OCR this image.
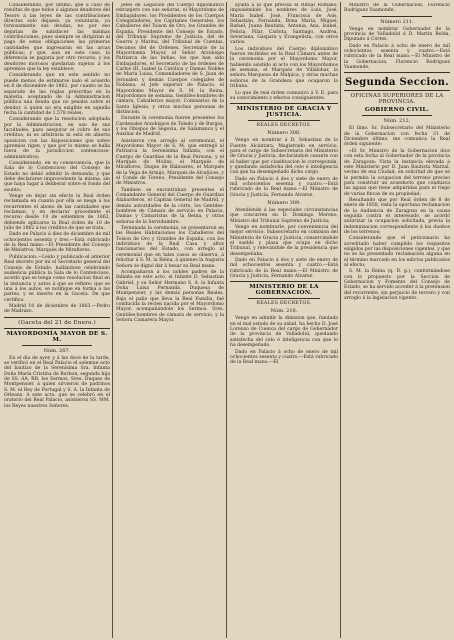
Considerando, por último, que á caso de resultas de que todos ó algunos deudores del Tesoro á las leyes de las contribuciones directas solo dejasen, ya voluntaria, ya forzosamente sus deudas, no por eso dejarian de satisfacer las mismas contribuciones, pues siempre se dirigirian al pago de estas obligaciones las primeras cantidades que ingresaran en las arcas públicas; y que, aun en este caso, la diferencia se pagaria por otro recurso, y los deudores morosos quedarian sujetos á los apremios que la ley establece;

Considerando que en este sentido no puede menos de estimarse nulo el acuerdo en 8 de diciembre de 1862, por cuanto se ha separado de las reglas prescritas en la materia, aceptando de la Administracion pública una deuda que no pesaba sobre el deudor, á quien no era exigible en aquella fecha la cantidad de 1.578 reales;

Considerando que la resolucion adoptada por la Administracion, en uso de sus facultades, para asegurar el cobro de sus créditos, ni es arbitraria ni está en abierta oposicion con las disposiciones que sobre apremios rigen, y que por lo mismo se halla fuera de la jurisdiccion contencioso-administrativa;

Considerando, en su consecuencia, que la Sala de lo Contencioso del Consejo de Estado no debió admitir la demanda, y que debe declararse improcedente la misma, sin que haya lugar á deliberar sobre el fondo del asunto;

Vengo en dejar sin efecto la Real órden reclamada en cuanto por ella se niega á los recurrentes el abono de las cantidades que reclaman, y en declarar procedente el recurso desde 10 de setiembre de 1862, debiendo aplicarse la Real órden de 10 de julio de 1862 á los créditos de que se trata.

Dado en Palacio á diez de diciembre de mil ochocientos sesenta y tres.—Está rubricado de la Real mano.—El Presidente del Consejo de Ministros, Marqués de Miraflores.

Publicacion.—Leido y publicado el anterior Real decreto por mí el Secretario general del Consejo de Estado, hallándose celebrando audiencia pública la Sala de lo Contencioso, acordó que se tenga como resolucion final en la instancia y autos á que se refiere; que se una á los autos, se notifique en forma á las partes, y se inserte en la Gaceta. De que certifico.

Madrid 10 de diciembre de 1863.—Pedro de Madrazo.

(Gaceta del 21 de Enero.)
MAYORDOMÍA MAYOR DE S. M.
Núm. 207.

En el dia de ayer, y á las doce de la tarde, se verificó en el Real Palacio el solemne acto del bautizo de la Serenísima Sra. Infanta Doña María Cristina de Borbon, segunda hija de SS. AA. RR. los Sermos. Sres. Duques de Montpensier, á quien sirvieron de padrinos S. M. el Rey de Portugal y S. A. la Infanta de Orleans. A este acto, que se celebró en el oratorio del Real Palacio, asistieron SS. MM. los Reyes nuestros Señores.

Jefes de Legacion del Cuerpo diplomático extranjero con sus señoras, el Mayordomo de Embajadores, los Presidentes de los Cuerpos Colegisladores, los Capitanes Generales, los Caballeros del Toison de Oro, los Grandes de España, Presidente del Consejo de Estado, del Tribunal Supremo de Justicia, del de Guerra y Marina, del Tribunal de Cuentas, Decanos del de Ordenes, Secretario de la Mayordomía Mayor, el Señor Arzobispo Patriarca de las Indias, los que han sido Embajadores, el Secretario de las órdenes de Carlos III, Isabel la Católica y Damas Nobles de María Luisa, Comendadores de S. Juan de Jerusalen y demás Cuerpos colegiales de Nobleza, el Jefe superior de Palacio, el Mayordomo Mayor de S. M. la Reina, Mayordomos de semana, Gentiles-hombres de cámara, Caballerizo mayor, Comisarios de la Santa Iglesia, y otras muchas personas de distincion.

Durante la ceremonia fueron presentes los Cardenales Arzobispos de Toledo y de Burgos, y los Obispos de Segovia, de Salamanca y el Auxiliar de Madrid.

Asistieron con arreglo al ceremonial, el Mayordomo Mayor de S. M. que entregó al Patriarca la Serenísima Infanta, con el Cuerpo de Guardias de la Real Persona, y el Marqués de Molins, el Marqués de Miraflores, Duque de Riánsares, el Marqués de la Vega de Armijo, Marqués de Alcañices, y el Conde de Toreno, Presidente del Consejo de Ministros.

Tambien se encontraban presentes el Comandante General del Cuerpo de Guardias Alabarderos, el Capitan General de Madrid, y demás autoridades de la córte, los Gentiles-hombres de Cámara de servicio en Palacio, Damas y Camaristas de la Reina, y otras señoras de la Servidumbre.

Terminada la ceremonia, se presentaron en las Reales Habitaciones los Caballeros del Toison de Oro y Grandes de España, con los individuos de la Real Casa y altos funcionarios del Estado, con arreglo al ceremonial que en tales casos se observa, á felicitar á S. M. la Reina, á quienes la Augusta Señora se dignó dar á besar su Real mano.

Acompañaron á los nobles padres de la Infanta en este acto, el Infante D. Sebastian Gabriel, y su Señor Hermano S. A. la Infanta Doña Luisa Fernanda, Duquesa de Montpensier, y las demás personas Reales. Bajo el palio que lleva la Real Familia, fué conducida la recien nacida por el Mayordomo Mayor, acompañándole los Sermos. Sres. Gentiles-hombres de cámara de servicio, y la Señora Camarera Mayor.

ayuda á la que precisa el Ritual Romano, impusiéndole los nombres de Luis, José, María Isabel, José, Francisca de Asís, Sebastián, Fernanda, Bona María, Miguel, Rafael, Juana Bautista, Antonia, Ana, Isabel, Felicia, Pilar, Carlota, Santiago, Andrea, Severiana, Gaspara y Evangelista, con otros varios.

Los individuos del Cuerpo diplomático fueron recibidos en la Real Cámara antes de la ceremonia por el Mayordomo Mayor, habiendo asistido al acto con los Mayordomos de semana, el Marqués de Villalobar, la señora Marquesa de Malpica, y otras muchas señoras de la Grandeza que ocuparon la tribuna.

Lo que de real órden comunico á V. E. para su conocimiento y efectos consiguientes.

MINISTERIO DE GRACIA Y JUSTICIA.
REALES DECRETOS.
Número 308.

Vengo en nombrar á D. Sebastian de la Fuente Alcántara, Magistrado en servicio, para el cargo de Subsecretario del Ministerio de Gracia y Justicia, declarándole cesante con el haber que por clasificacion le corresponda, y quedando satisfecha del celo é inteligencia con que ha desempeñado dicho cargo.

Dado en Palacio á dos y siete de enero de mil ochocientos sesenta y cuatro.—Está rubricado de la Real mano.—El Ministro de Gracia y Justicia, Fernando Alvarez.

Número 309.

Atendiendo á las especiales circunstancias que concurren en D. Domingo Moreno, Ministro del Tribunal Supremo de Justicia;

Vengo en nombrarle, por conveniencia del mejor servicio, Subsecretario en comision del Ministerio de Gracia y Justicia, conservándole el sueldo y plaza que ocupa en dicho Tribunal, y relevándole de la presidencia que desempeñaba.

Dado en Palacio á dos y siete de enero de mil ochocientos sesenta y cuatro.—Está rubricado de la Real mano.—El Ministro de Gracia y Justicia, Fernando Alvarez.

MINISTERIO DE LA GOBERNACION.
REALES DECRETOS.
Núm. 210.

Vengo en admitir la dimision que, fundada en el mal estado de su salud, ha hecho D. José Lorenzo de Cuenca del cargo de Gobernador de la provincia de Valladolid, quedando satisfecha del celo é inteligencia con que lo ha desempeñado.

Dado en Palacio á ocho de enero de mil ochocientos sesenta y cuatro.—Está rubricado de la Real mano.—El

Ministro de la Gobernacion, Florencio Rodriguez Vaamonde.

Número 211.

Vengo en nombrar Gobernador de la provincia de Valladolid á D. Martin Belda, Diputado á Córtes.

Dado en Palacio á ocho de enero de mil ochocientos sesenta y cuatro.—Está rubricado de la Real mano.—El Ministro de la Gobernacion, Florencio Rodriguez Vaamonde.

Segunda Seccion.
OFICINAS SUPERIORES DE LA PROVINCIA.
GOBIERNO CIVIL.
Núm. 212.

El Ilmo. Sr. Subsecretario del Ministerio de la Gobernacion con fecha 31 de Diciembre último, me comunica la Real órden siguiente:

«El Sr. Ministro de la Gobernacion dice con esta fecha al Gobernador de la provincia de Zaragoza: Vista la instancia elevada á este Ministerio por D. Juan Bautista Marzal, vecino de esa Ciudad, en solicitud de que se le permita la ocupacion del terreno preciso para construir un acueducto que conduzca las aguas que tiene adquiridas para el riego de varias fincas de su propiedad;

Resultando que por Real órden de 8 de enero de 1858, vista la oportuna reclamacion de la Audiencia de Zaragoza en la causa seguida contra el interesado, se acordó autorizar la ocupacion solicitada, previa la indemnizacion correspondiente á los dueños de los terrenos;

Considerando que el peticionario ha acreditado haber cumplido los requisitos exigidos por las disposiciones vigentes, y que no se ha presentado reclamacion alguna en el término marcado en los edictos publicados al efecto;

S. M. la Reina (q. D. g.), conformándose con lo propuesto por la Seccion de Gobernacion y Fomento del Consejo de Estado, se ha servido acceder á la pretension del recurrente, sin perjuicio de tercero y con arreglo á la legislacion vigente.
